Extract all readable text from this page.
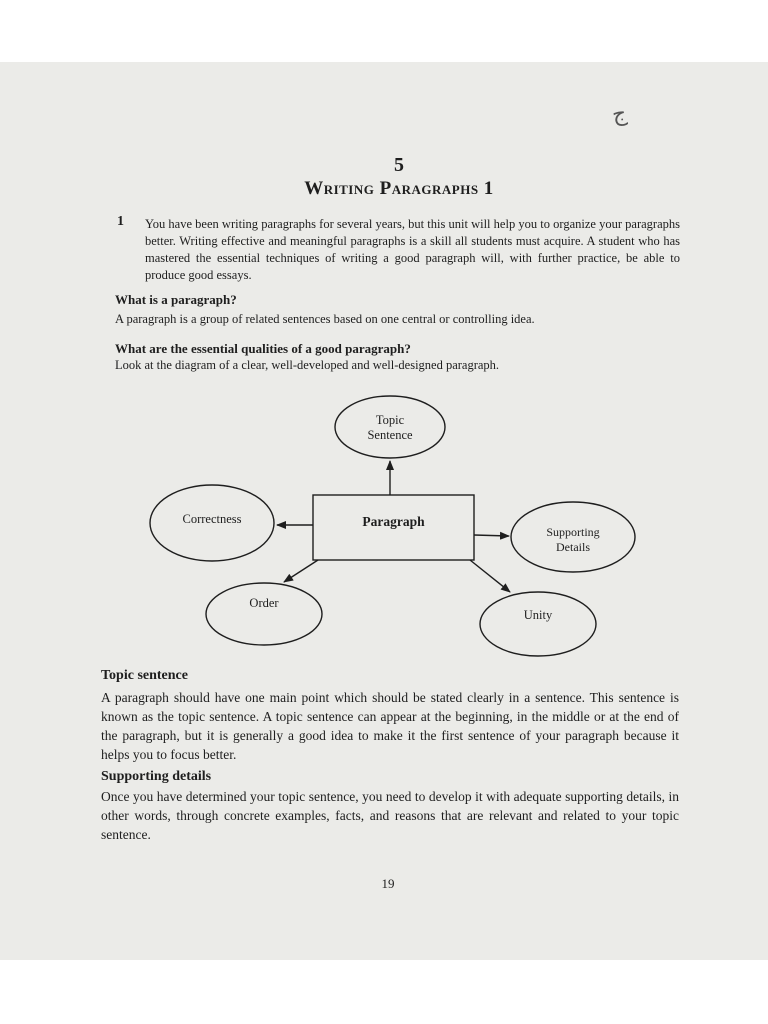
ج
5
Writing Paragraphs 1
1 You have been writing paragraphs for several years, but this unit will help you to organize your paragraphs better. Writing effective and meaningful paragraphs is a skill all students must acquire. A student who has mastered the essential techniques of writing a good paragraph will, with further practice, be able to produce good essays.
What is a paragraph?
A paragraph is a group of related sentences based on one central or controlling idea.
What are the essential qualities of a good paragraph?
Look at the diagram of a clear, well-developed and well-designed paragraph.
Topic
Sentence
Correctness	Paragraph
Supporting
Details
Order
Unity
Topic sentence
A paragraph should have one main point which should be stated clearly in a sentence. This sentence is known as the topic sentence. A topic sentence can appear at the beginning, in the middle or at the end of the paragraph, but it is generally a good idea to make it the first sentence of your paragraph because it helps you to focus better.
Supporting details
Once you have determined your topic sentence, you need to develop it with adequate supporting details, in other words, through concrete examples, facts, and reasons that are relevant and related to your topic sentence.
19
